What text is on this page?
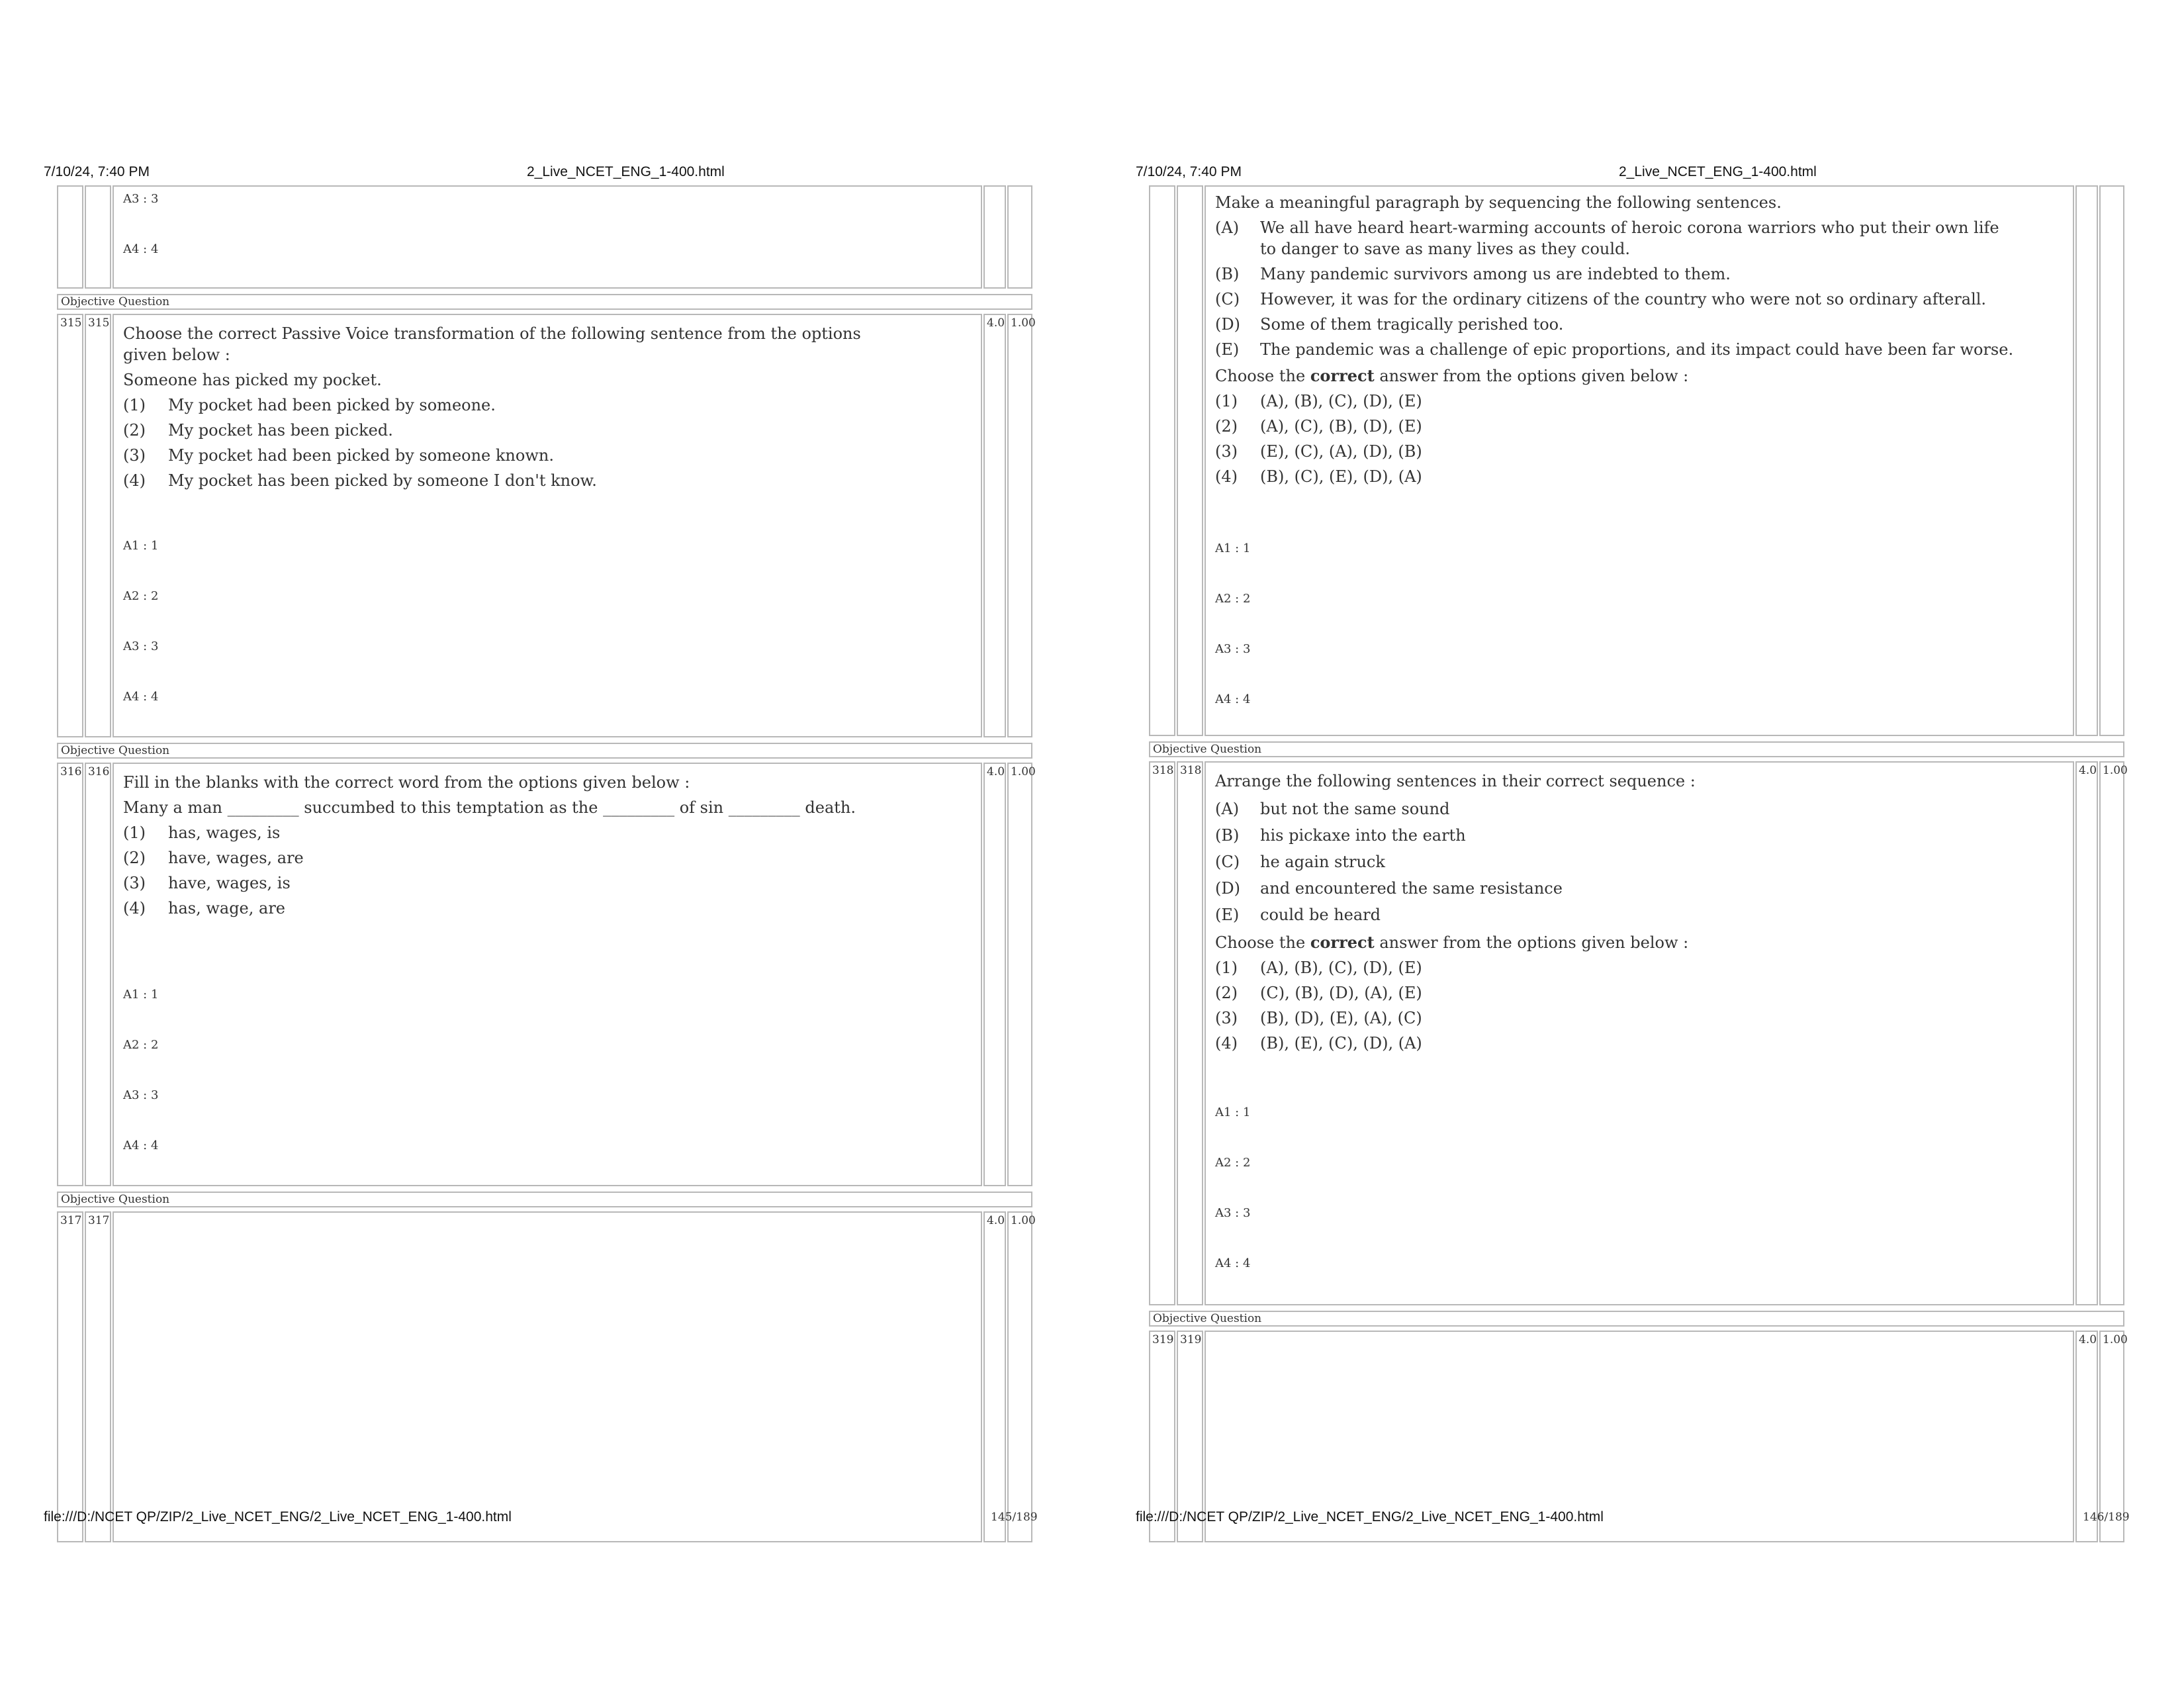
7/10/24, 7:40 PM	2_Live_NCET_ENG_1-400.html
A3 : 3
A4 : 4
Objective Question
315 315	4.0 1.00

Choose the correct Passive Voice transformation of the following sentence from the options given below :

Someone has picked my pocket.

(1)	My pocket had been picked by someone.
(2)	My pocket has been picked.
(3)	My pocket had been picked by someone known.
(4)	My pocket has been picked by someone I don't know.
A1 : 1
A2 : 2
A3 : 3
A4 : 4
Objective Question
316 316	4.0 1.00

Fill in the blanks with the correct word from the options given below :

Many a man _________ succumbed to this temptation as the _________ of sin _________ death.

(1)	has, wages, is
(2)	have, wages, are
(3)	have, wages, is
(4)	has, wage, are
A1 : 1
A2 : 2
A3 : 3
A4 : 4
Objective Question
317 317	4.0 1.00
file:///D:/NCET QP/ZIP/2_Live_NCET_ENG/2_Live_NCET_ENG_1-400.html	145/189
7/10/24, 7:40 PM	2_Live_NCET_ENG_1-400.html

Make a meaningful paragraph by sequencing the following sentences.

(A)	We all have heard heart-warming accounts of heroic corona warriors who put their own life to danger to save as many lives as they could.
(B)	Many pandemic survivors among us are indebted to them.
(C)	However, it was for the ordinary citizens of the country who were not so ordinary afterall.
(D)	Some of them tragically perished too.
(E)	The pandemic was a challenge of epic proportions, and its impact could have been far worse.

Choose the correct answer from the options given below :

(1)	(A), (B), (C), (D), (E)
(2)	(A), (C), (B), (D), (E)
(3)	(E), (C), (A), (D), (B)
(4)	(B), (C), (E), (D), (A)
A1 : 1
A2 : 2
A3 : 3
A4 : 4
Objective Question
318 318	4.0 1.00

Arrange the following sentences in their correct sequence :

(A)	but not the same sound
(B)	his pickaxe into the earth
(C)	he again struck
(D)	and encountered the same resistance
(E)	could be heard

Choose the correct answer from the options given below :

(1)	(A), (B), (C), (D), (E)
(2)	(C), (B), (D), (A), (E)
(3)	(B), (D), (E), (A), (C)
(4)	(B), (E), (C), (D), (A)
A1 : 1
A2 : 2
A3 : 3
A4 : 4
Objective Question
319 319	4.0 1.00
file:///D:/NCET QP/ZIP/2_Live_NCET_ENG/2_Live_NCET_ENG_1-400.html	146/189
